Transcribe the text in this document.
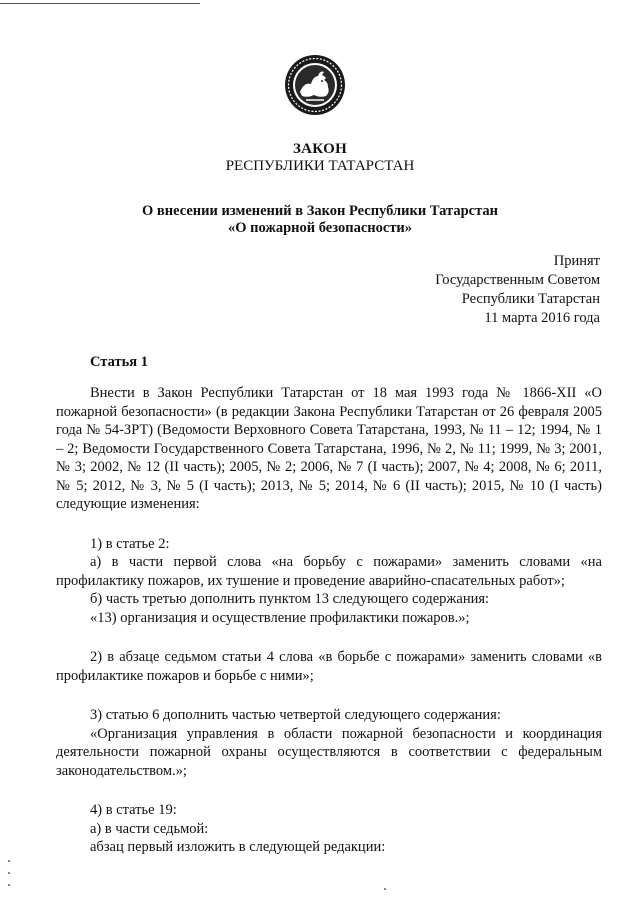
ЗАКОН
РЕСПУБЛИКИ ТАТАРСТАН
О внесении изменений в Закон Республики Татарстан
«О пожарной безопасности»
Принят
Государственным Советом
Республики Татарстан
11 марта 2016 года
Статья 1

Внести в Закон Республики Татарстан от 18 мая 1993 года № 1866-XII «О пожарной безопасности» (в редакции Закона Республики Татарстан от 26 февраля 2005 года № 54-ЗРТ) (Ведомости Верховного Совета Татарстана, 1993, № 11 – 12; 1994, № 1 – 2; Ведомости Государственного Совета Татарстана, 1996, № 2, № 11; 1999, № 3; 2001, № 3; 2002, № 12 (II часть); 2005, № 2; 2006, № 7 (I часть); 2007, № 4; 2008, № 6; 2011, № 5; 2012, № 3, № 5 (I часть); 2013, № 5; 2014, № 6 (II часть); 2015, № 10 (I часть) следующие изменения:

1) в статье 2:

а) в части первой слова «на борьбу с пожарами» заменить словами «на профилактику пожаров, их тушение и проведение аварийно-спасательных работ»;

б) часть третью дополнить пунктом 13 следующего содержания:

«13) организация и осуществление профилактики пожаров.»;

2) в абзаце седьмом статьи 4 слова «в борьбе с пожарами» заменить словами «в профилактике пожаров и борьбе с ними»;

3) статью 6 дополнить частью четвертой следующего содержания:

«Организация управления в области пожарной безопасности и координация деятельности пожарной охраны осуществляются в соответствии с федеральным законодательством.»;

4) в статье 19:

а) в части седьмой:

абзац первый изложить в следующей редакции:
